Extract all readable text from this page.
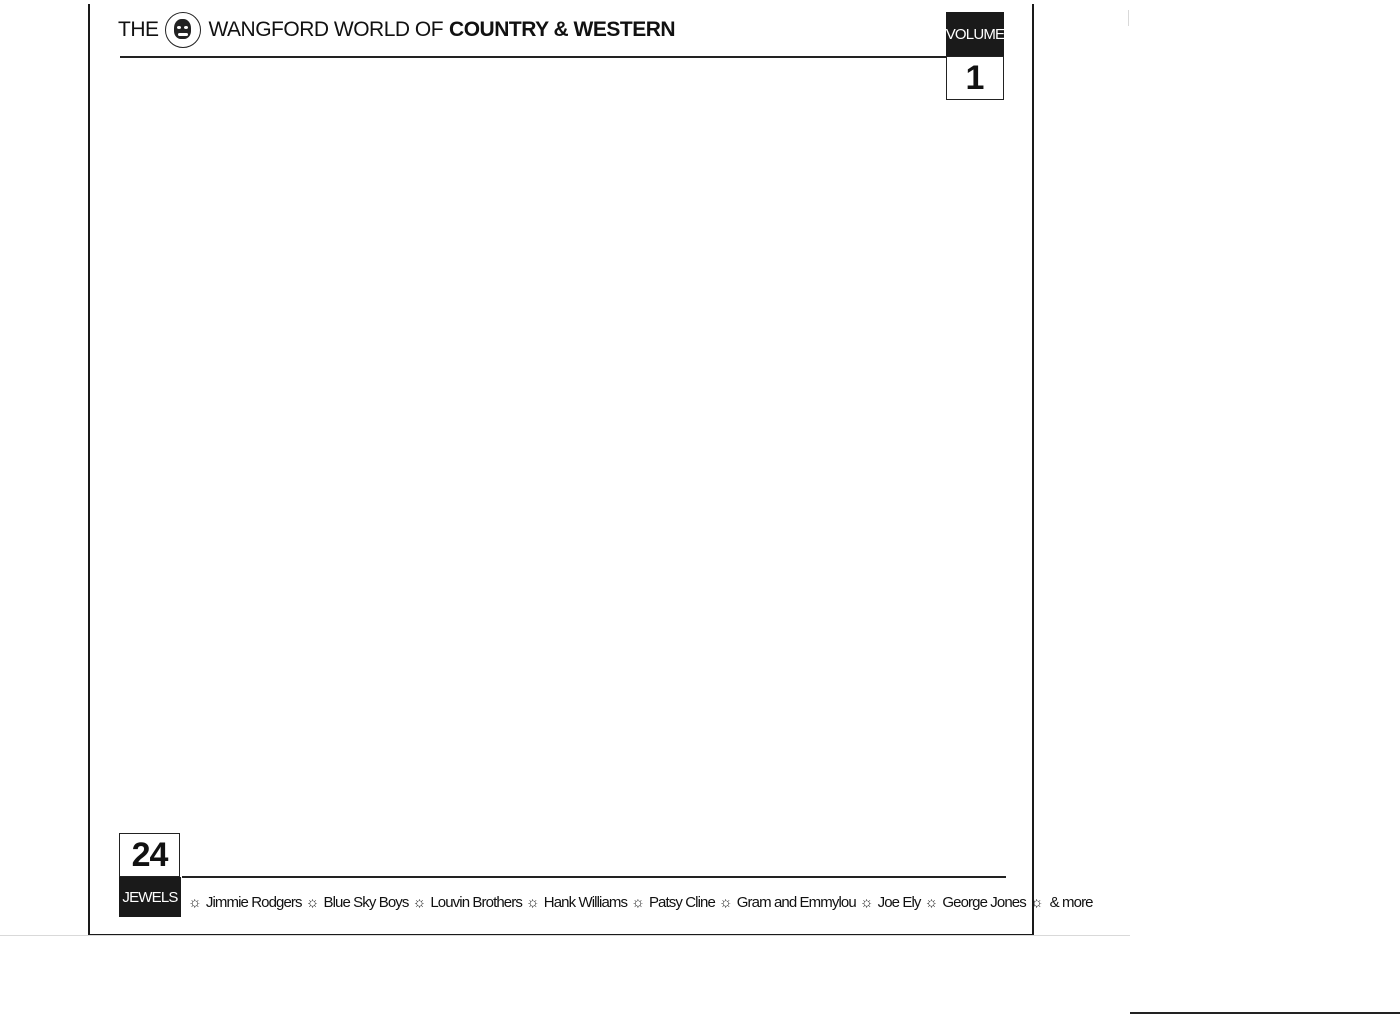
THE WANGFORD WORLD OF COUNTRY & WESTERN	VOLUME
1
24
JEWELS ☼ Jimmie Rodgers ☼ Blue Sky Boys ☼ Louvin Brothers ☼ Hank Williams ☼ Patsy Cline ☼ Gram and Emmylou ☼ Joe Ely ☼ George Jones ☼ & more
